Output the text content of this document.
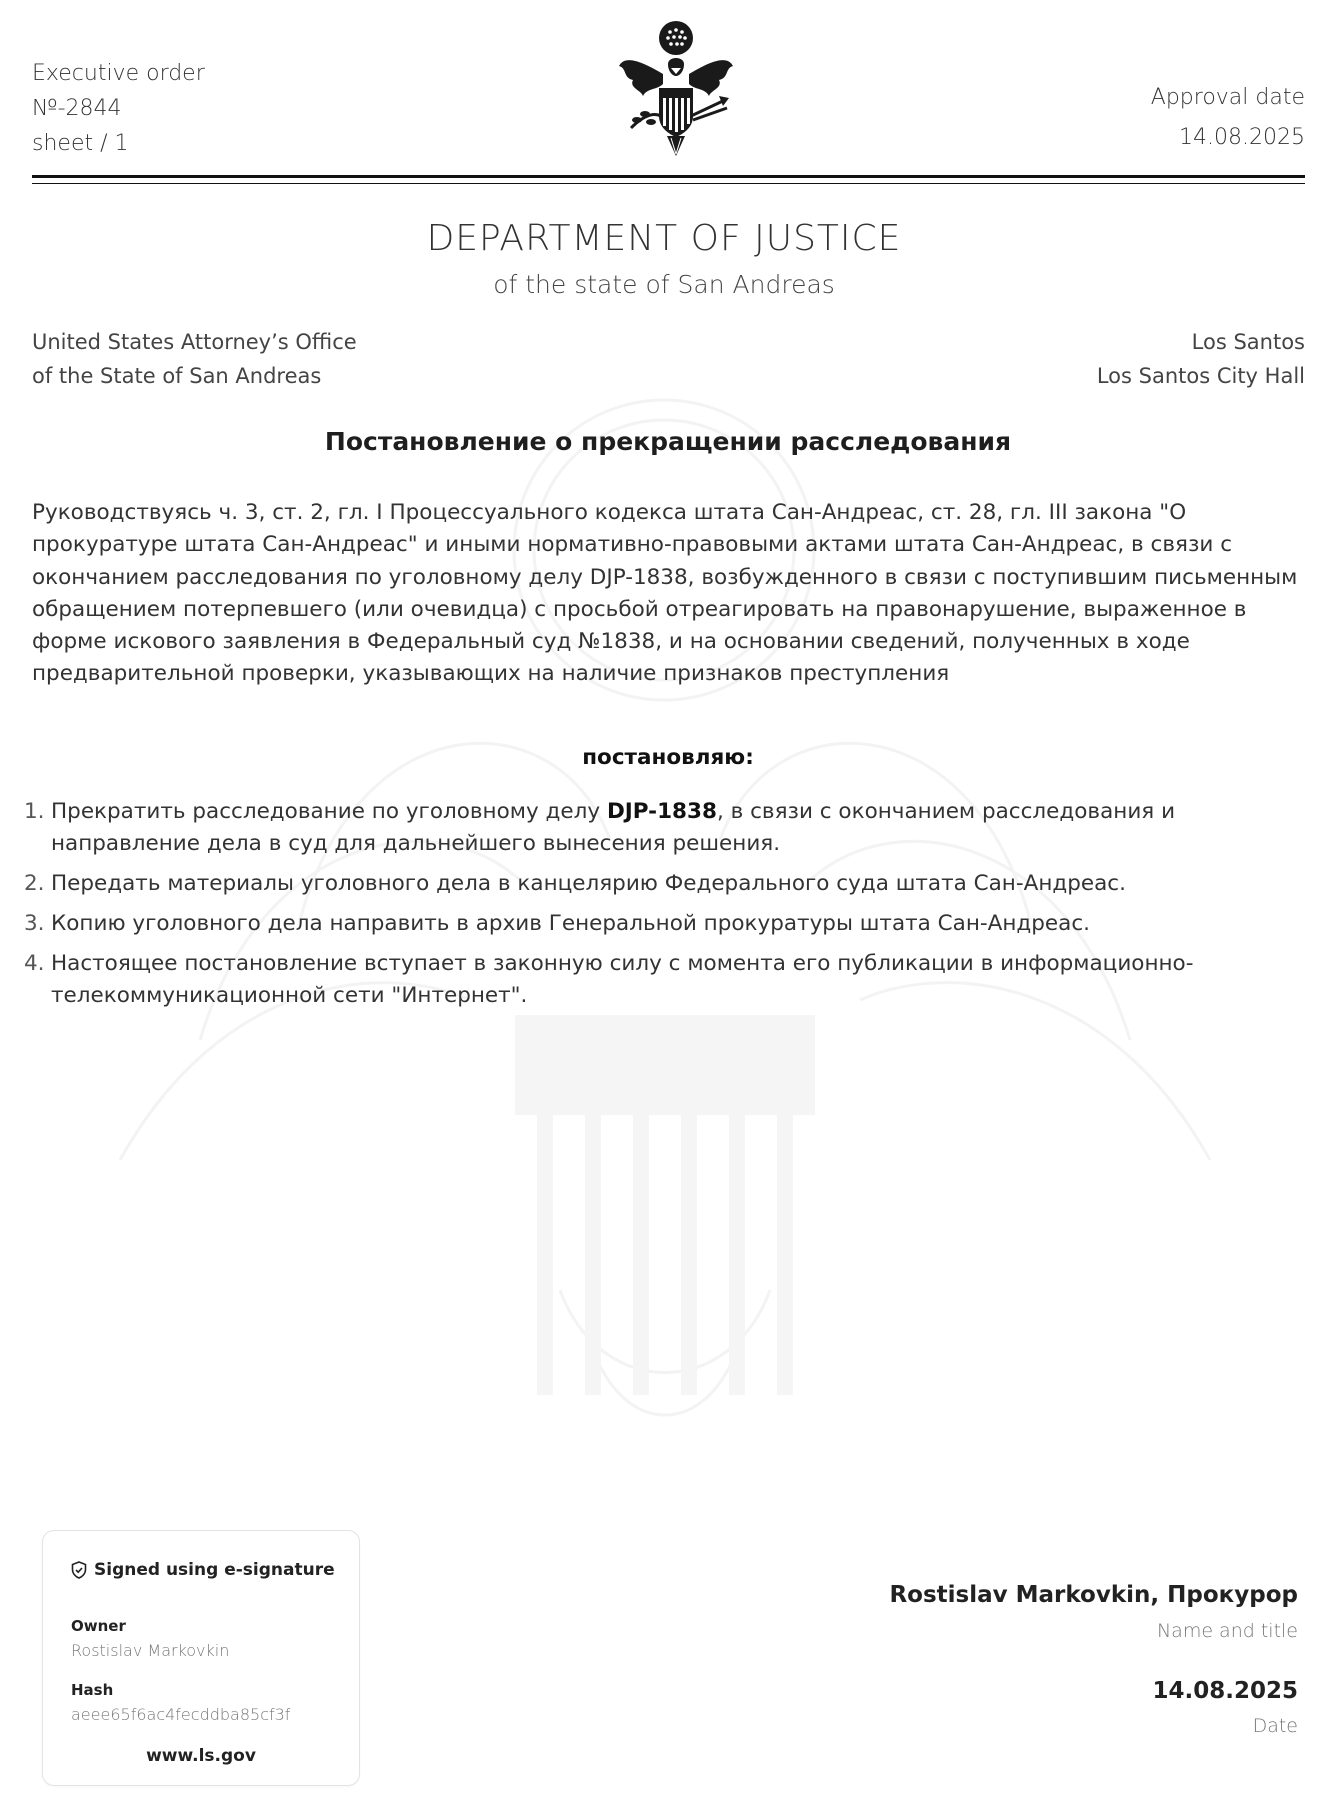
Executive order
№-2844
sheet / 1
Approval date
14.08.2025
DEPARTMENT OF JUSTICE
of the state of San Andreas
United States Attorney’s Office
of the State of San Andreas
Los Santos
Los Santos City Hall
Постановление о прекращении расследования

Руководствуясь ч. 3, ст. 2, гл. I Процессуального кодекса штата Сан-Андреас, ст. 28, гл. III закона "О прокуратуре штата Сан-Андреас" и иными нормативно-правовыми актами штата Сан-Андреас, в связи с окончанием расследования по уголовному делу DJP-1838, возбужденного в связи с поступившим письменным обращением потерпевшего (или очевидца) с просьбой отреагировать на правонарушение, выраженное в форме искового заявления в Федеральный суд №1838, и на основании сведений, полученных в ходе предварительной проверки, указывающих на наличие признаков преступления

постановляю:
1. Прекратить расследование по уголовному делу DJP-1838, в связи с окончанием расследования и направление дела в суд для дальнейшего вынесения решения.
2. Передать материалы уголовного дела в канцелярию Федерального суда штата Сан-Андреас.
3. Копию уголовного дела направить в архив Генеральной прокуратуры штата Сан-Андреас.
4. Настоящее постановление вступает в законную силу с момента его публикации в информационно-телекоммуникационной сети "Интернет".
Signed using e-signature
Owner
Rostislav Markovkin
Hash
aeee65f6ac4fecddba85cf3f
www.ls.gov
Rostislav Markovkin, Прокурор
Name and title
14.08.2025
Date
